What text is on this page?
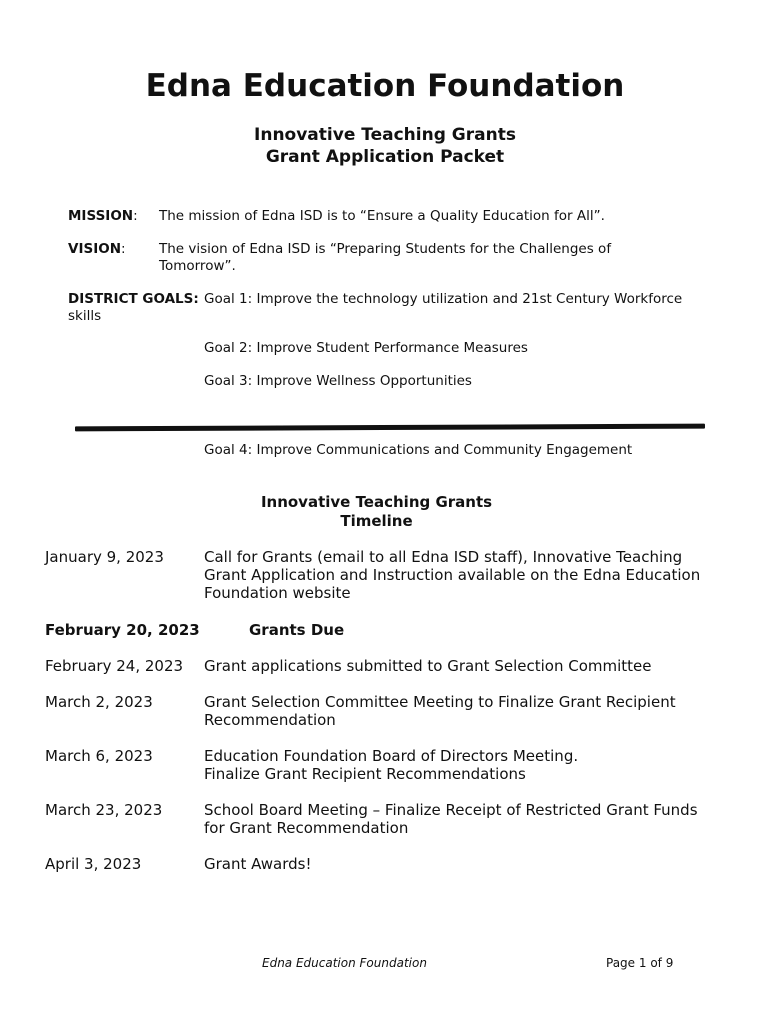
Edna Education Foundation
Innovative Teaching Grants
Grant Application Packet
MISSION: The mission of Edna ISD is to “Ensure a Quality Education for All”.
VISION: The vision of Edna ISD is “Preparing Students for the Challenges of Tomorrow”.
DISTRICT GOALS: Goal 1: Improve the technology utilization and 21st Century Workforce
skills
Goal 2: Improve Student Performance Measures
Goal 3: Improve Wellness Opportunities
Goal 4: Improve Communications and Community Engagement
Innovative Teaching Grants
Timeline
January 9, 2023	Call for Grants (email to all Edna ISD staff), Innovative Teaching Grant Application and Instruction available on the Edna Education Foundation website
February 20, 2023	Grants Due
February 24, 2023 Grant applications submitted to Grant Selection Committee
March 2, 2023	Grant Selection Committee Meeting to Finalize Grant Recipient Recommendation
March 6, 2023	Education Foundation Board of Directors Meeting.
Finalize Grant Recipient Recommendations
March 23, 2023	School Board Meeting – Finalize Receipt of Restricted Grant Funds for Grant Recommendation
April 3, 2023	Grant Awards!
Edna Education Foundation	Page 1 of 9
